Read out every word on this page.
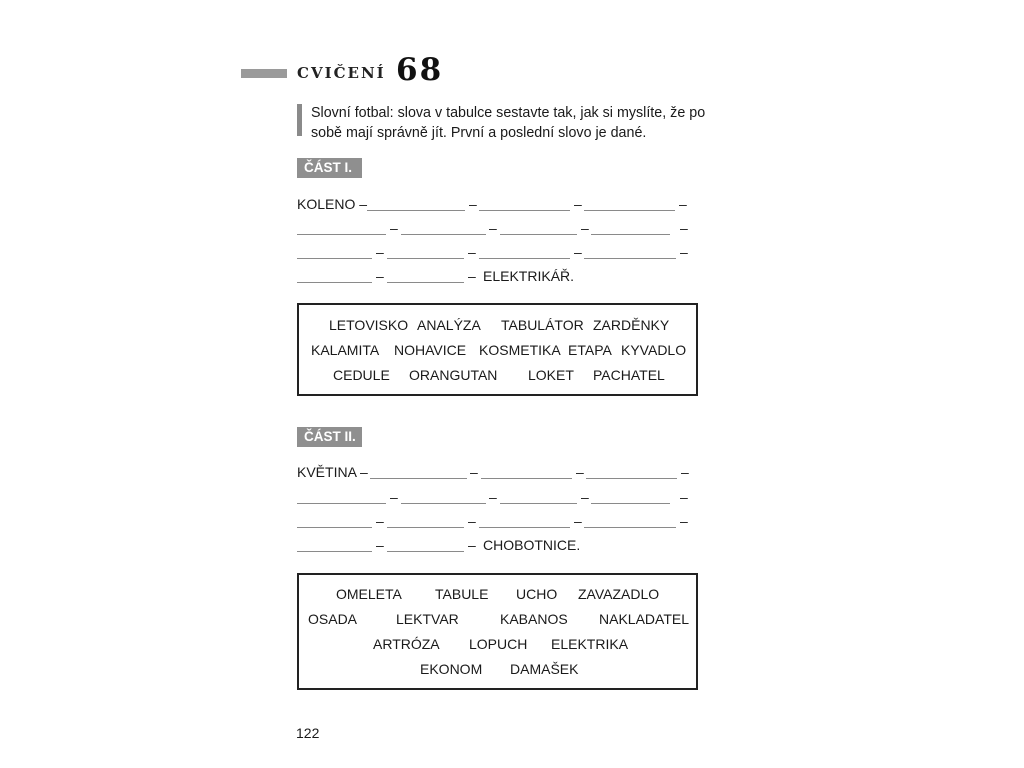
CVIČENÍ 68

Slovní fotbal: slova v tabulce sestavte tak, jak si myslíte, že po

sobě mají správně jít. První a poslední slovo je dané.

ČÁST I.
KOLENO –	–	–	–
–	–	–	–
–	–	–	–
–	– ELEKTRIKÁŘ.
LETOVISKO ANALÝZA TABULÁTOR ZARDĚNKY
KALAMITA NOHAVICE KOSMETIKA ETAPA KYVADLO
CEDULE ORANGUTAN LOKET PACHATEL
ČÁST II.
KVĚTINA –	–	–	–
–	–	–	–
–	–	–	–
–	– CHOBOTNICE.
OMELETA TABULE UCHO ZAVAZADLO
OSADA	LEKTVAR	KABANOS NAKLADATEL
ARTRÓZA LOPUCH ELEKTRIKA
EKONOM DAMAŠEK
122
